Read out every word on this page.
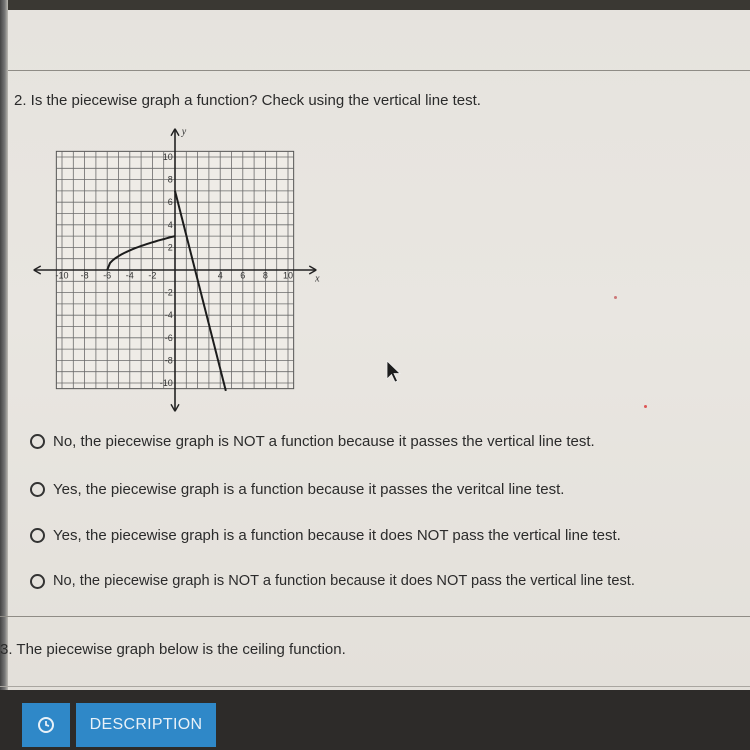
2. Is the piecewise graph a function? Check using the vertical line test.
x
y
-10 -8 -6 -4 -2	4 6 8 10
10
8
6
4
2
-2
-4
-6
-8
-10
No, the piecewise graph is NOT a function because it passes the vertical line test.
Yes, the piecewise graph is a function because it passes the veritcal line test.
Yes, the piecewise graph is a function because it does NOT pass the vertical line test.
No, the piecewise graph is NOT a function because it does NOT pass the vertical line test.
3. The piecewise graph below is the ceiling function.
DESCRIPTION
